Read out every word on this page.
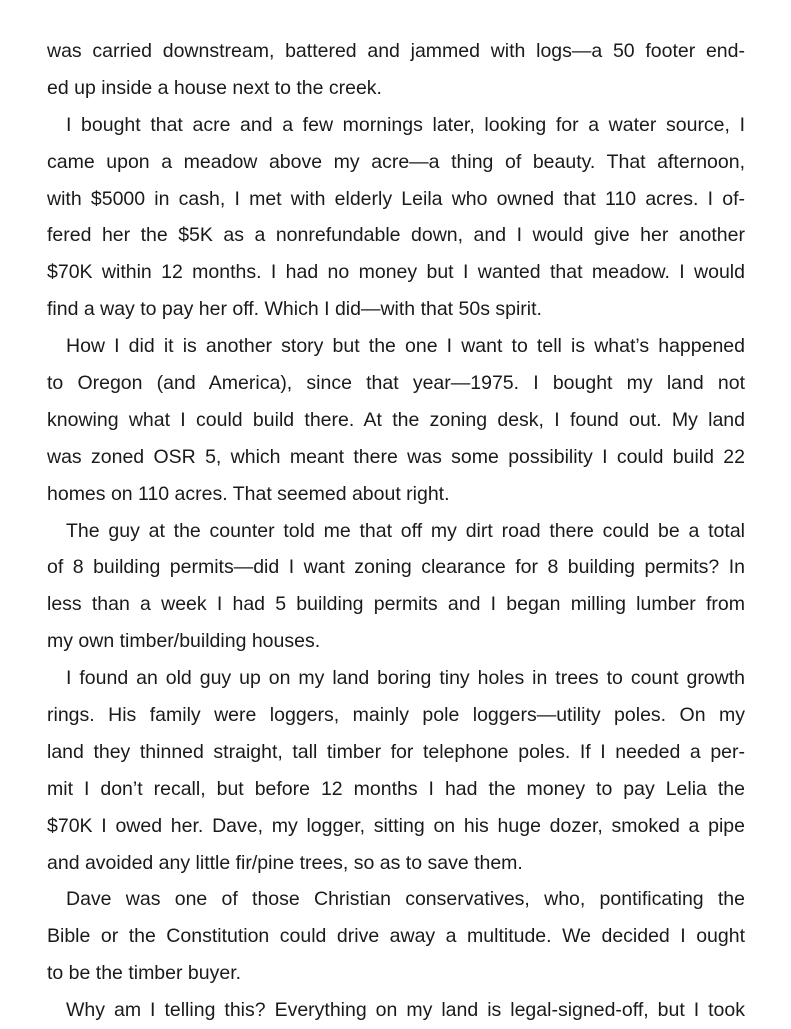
was carried downstream, battered and jammed with logs—a 50 footer end-
ed up inside a house next to the creek.
I bought that acre and a few mornings later, looking for a water source, I
came upon a meadow above my acre—a thing of beauty. That afternoon,
with $5000 in cash, I met with elderly Leila who owned that 110 acres. I of-
fered her the $5K as a nonrefundable down, and I would give her another
$70K within 12 months. I had no money but I wanted that meadow. I would
find a way to pay her off. Which I did—with that 50s spirit.
How I did it is another story but the one I want to tell is what’s happened
to Oregon (and America), since that year—1975. I bought my land not
knowing what I could build there. At the zoning desk, I found out. My land
was zoned OSR 5, which meant there was some possibility I could build 22
homes on 110 acres. That seemed about right.
The guy at the counter told me that off my dirt road there could be a total
of 8 building permits—did I want zoning clearance for 8 building permits? In
less than a week I had 5 building permits and I began milling lumber from
my own timber/building houses.
I found an old guy up on my land boring tiny holes in trees to count growth
rings. His family were loggers, mainly pole loggers—utility poles. On my
land they thinned straight, tall timber for telephone poles. If I needed a per-
mit I don’t recall, but before 12 months I had the money to pay Lelia the
$70K I owed her. Dave, my logger, sitting on his huge dozer, smoked a pipe
and avoided any little fir/pine trees, so as to save them.
Dave was one of those Christian conservatives, who, pontificating the
Bible or the Constitution could drive away a multitude. We decided I ought
to be the timber buyer.
Why am I telling this? Everything on my land is legal-signed-off, but I took
